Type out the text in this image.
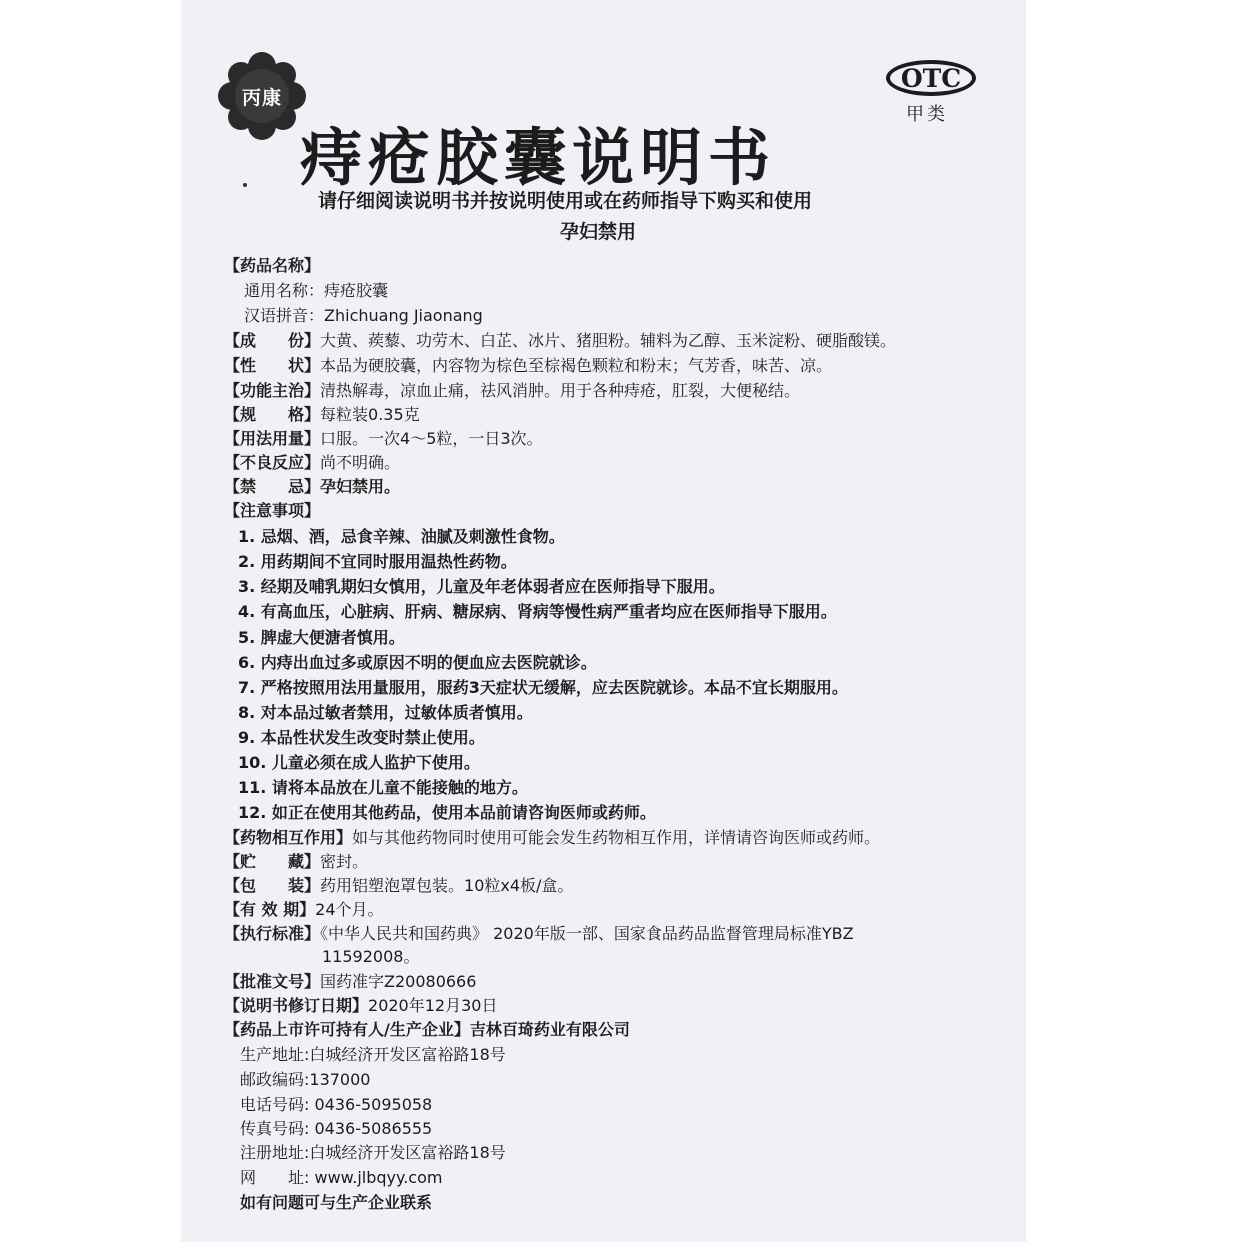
丙康
OTC
甲类
痔疮胶囊说明书
请仔细阅读说明书并按说明使用或在药师指导下购买和使用
孕妇禁用
【药品名称】
通用名称：痔疮胶囊
汉语拼音：Zhichuang Jiaonang
【成　　份】大黄、蒺藜、功劳木、白芷、冰片、猪胆粉。辅料为乙醇、玉米淀粉、硬脂酸镁。
【性　　状】本品为硬胶囊，内容物为棕色至棕褐色颗粒和粉末；气芳香，味苦、凉。
【功能主治】清热解毒，凉血止痛，祛风消肿。用于各种痔疮，肛裂，大便秘结。
【规　　格】每粒装0.35克
【用法用量】口服。一次4～5粒，一日3次。
【不良反应】尚不明确。
【禁　　忌】孕妇禁用。
【注意事项】
1. 忌烟、酒，忌食辛辣、油腻及刺激性食物。
2. 用药期间不宜同时服用温热性药物。
3. 经期及哺乳期妇女慎用，儿童及年老体弱者应在医师指导下服用。
4. 有高血压，心脏病、肝病、糖尿病、肾病等慢性病严重者均应在医师指导下服用。
5. 脾虚大便溏者慎用。
6. 内痔出血过多或原因不明的便血应去医院就诊。
7. 严格按照用法用量服用，服药3天症状无缓解，应去医院就诊。本品不宜长期服用。
8. 对本品过敏者禁用，过敏体质者慎用。
9. 本品性状发生改变时禁止使用。
10. 儿童必须在成人监护下使用。
11. 请将本品放在儿童不能接触的地方。
12. 如正在使用其他药品，使用本品前请咨询医师或药师。
【药物相互作用】如与其他药物同时使用可能会发生药物相互作用，详情请咨询医师或药师。
【贮　　藏】密封。
【包　　装】药用铝塑泡罩包装。10粒x4板/盒。
【有 效 期】24个月。
【执行标准】《中华人民共和国药典》 2020年版一部、国家食品药品监督管理局标准YBZ
11592008。
【批准文号】国药准字Z20080666
【说明书修订日期】2020年12月30日
【药品上市许可持有人/生产企业】吉林百琦药业有限公司
生产地址:白城经济开发区富裕路18号
邮政编码:137000
电话号码: 0436-5095058
传真号码: 0436-5086555
注册地址:白城经济开发区富裕路18号
网　　址: www.jlbqyy.com
如有问题可与生产企业联系
